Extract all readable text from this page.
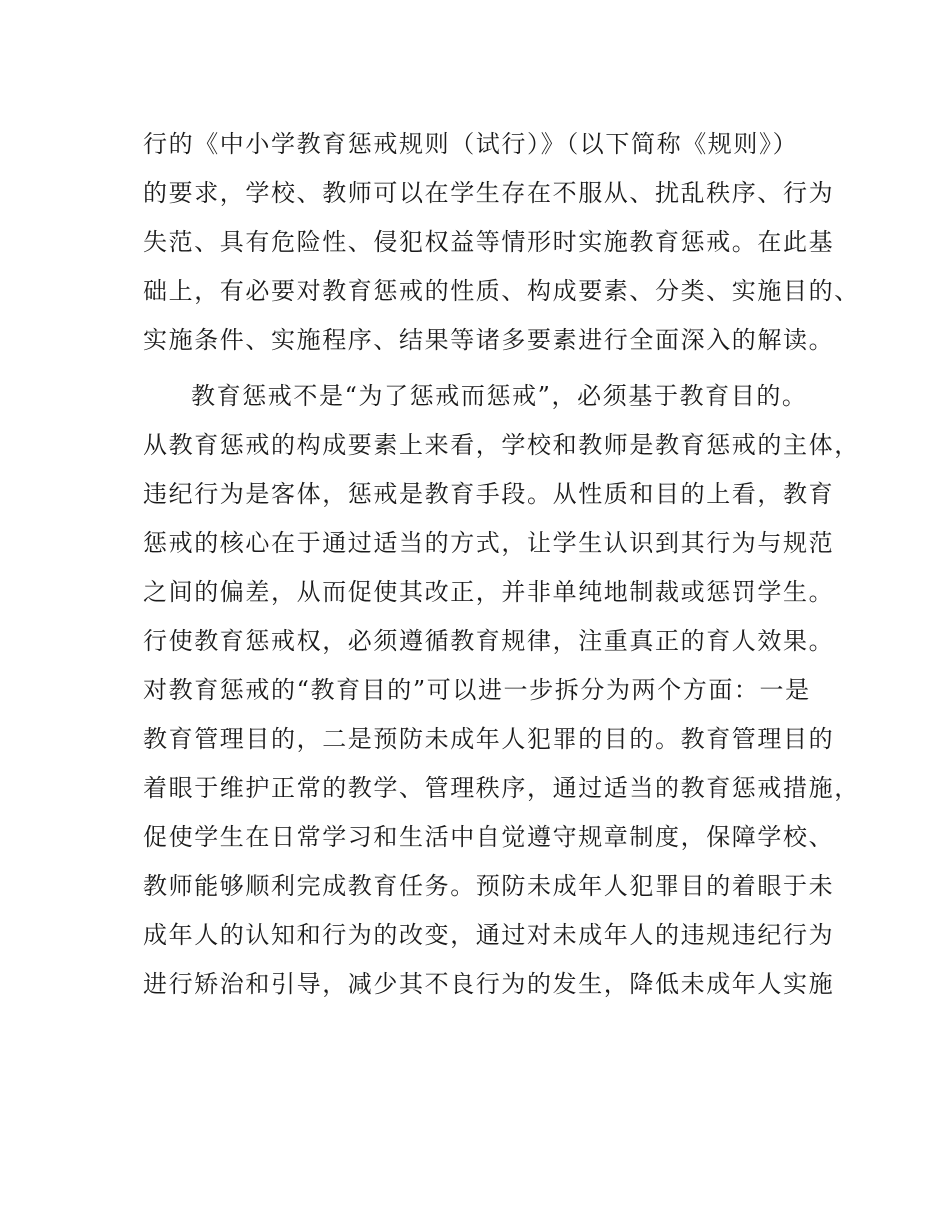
行的《中小学教育惩戒规则（试行）》（以下简称《规则》）
的要求，学校、教师可以在学生存在不服从、扰乱秩序、行为
失范、具有危险性、侵犯权益等情形时实施教育惩戒。在此基
础上，有必要对教育惩戒的性质、构成要素、分类、实施目的、
实施条件、实施程序、结果等诸多要素进行全面深入的解读。
教育惩戒不是“为了惩戒而惩戒”，必须基于教育目的。
从教育惩戒的构成要素上来看，学校和教师是教育惩戒的主体，
违纪行为是客体，惩戒是教育手段。从性质和目的上看，教育
惩戒的核心在于通过适当的方式，让学生认识到其行为与规范
之间的偏差，从而促使其改正，并非单纯地制裁或惩罚学生。
行使教育惩戒权，必须遵循教育规律，注重真正的育人效果。
对教育惩戒的“教育目的”可以进一步拆分为两个方面：一是
教育管理目的，二是预防未成年人犯罪的目的。教育管理目的
着眼于维护正常的教学、管理秩序，通过适当的教育惩戒措施，
促使学生在日常学习和生活中自觉遵守规章制度，保障学校、
教师能够顺利完成教育任务。预防未成年人犯罪目的着眼于未
成年人的认知和行为的改变，通过对未成年人的违规违纪行为
进行矫治和引导，减少其不良行为的发生，降低未成年人实施
